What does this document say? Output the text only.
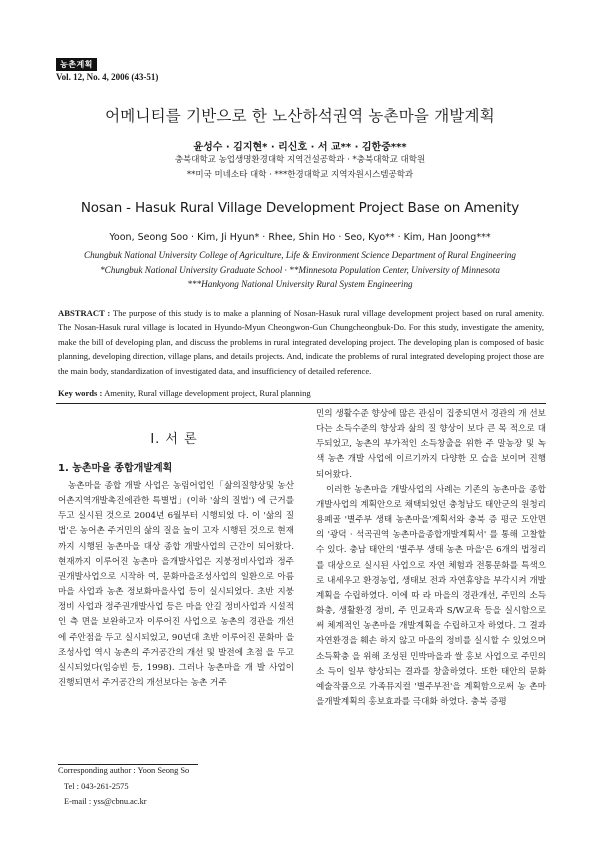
농촌계획
Vol. 12, No. 4, 2006 (43-51)
어메니티를 기반으로 한 노산하석권역 농촌마을 개발계획
윤성수 · 김지현* · 리신호 · 서 교** · 김한중***
충북대학교 농업생명환경대학 지역건설공학과 · *충북대학교 대학원
**미국 미네소타 대학 · ***한경대학교 지역자원시스템공학과
Nosan - Hasuk Rural Village Development Project Base on Amenity
Yoon, Seong Soo · Kim, Ji Hyun* · Rhee, Shin Ho · Seo, Kyo** · Kim, Han Joong***
Chungbuk National University College of Agriculture, Life & Environment Science Department of Rural Engineering
*Chungbuk National University Graduate School · **Minnesota Population Center, University of Minnesota
***Hankyong National University Rural System Engineering
ABSTRACT : The purpose of this study is to make a planning of Nosan-Hasuk rural village development project based on rural amenity. The Nosan-Hasuk rural village is located in Hyundo-Myun Cheongwon-Gun Chungcheongbuk-Do. For this study, investigate the amenity, make the bill of developing plan, and discuss the problems in rural integrated developing project. The developing plan is composed of basic planning, developing direction, village plans, and details projects. And, indicate the problems of rural integrated developing project those are the main body, standardization of investigated data, and insufficiency of detailed reference.
Key words : Amenity, Rural village development project, Rural planning
I. 서 론
1. 농촌마을 종합개발계획

농촌마을 종합 개발 사업은 농림어업인「삶의질향상및 농산어촌지역개발촉진에관한 특별법」(이하 '삶의 질법') 에 근거를 두고 실시된 것으로 2004년 6월부터 시행되었 다. 이 '삶의 질 법'은 농어촌 주거민의 삶의 질을 높이 고자 시행된 것으로 현재까지 시행된 농촌마을 대상 종합 개발사업의 근간이 되어왔다. 현재까지 이루어진 농촌마 을개발사업은 지붕정비사업과 정주권개발사업으로 시작하 여, 문화마을조성사업의 일환으로 아름마을 사업과 농촌 정보화마을사업 등이 실시되었다. 초반 지붕정비 사업과 정주권개발사업 등은 마을 안길 정비사업과 시설적인 측 면을 보완하고자 이루어진 사업으로 농촌의 경관을 개선에 주안점을 두고 실시되었고, 90년대 초반 이루어진 문화마 을조성사업 역시 농촌의 주거공간의 개선 및 발전에 초점 을 두고 실시되었다(임승빈 등, 1998). 그러나 농촌마을 개 발 사업이 진행되면서 주거공간의 개선보다는 농촌 거주

민의 생활수준 향상에 많은 관심이 집중되면서 경관의 개 선보다는 소득수준의 향상과 삶의 질 향상이 보다 큰 목 적으로 대두되었고, 농촌의 부가적인 소득창출을 위한 주 말농장 및 녹색 농촌 개발 사업에 이르기까지 다양한 모 습을 보이며 진행되어왔다.

이러한 농촌마을 개발사업의 사례는 기존의 농촌마을 종합개발사업의 계획안으로 채택되었던 충청남도 태안군의 원청리 용폐골 '별주부 생태 농촌마을'계획서와 충북 증 평군 도안면의 '광덕 · 석곡권역 농촌마을종합개발계획서' 를 통해 고찰할 수 있다. 충남 태안의 '별주부 생태 농촌 마을'은 6개의 법정리를 대상으로 실시된 사업으로 자연 체험과 전통문화를 특색으로 내세우고 환경농업, 생태보 전과 자연휴양을 부각시켜 개발계획을 수립하였다. 이에 따 라 마을의 경관개선, 주민의 소득화충, 생활환경 정비, 주 민교육과 S/W교육 등을 실시함으로써 체계적인 농촌마을 개발계획을 수립하고자 하였다. 그 결과 자연환경을 훼손 하지 않고 마을의 정비를 실시할 수 있었으며 소득확충 을 위해 조성된 민박마을과 쌀 홍보 사업으로 주민의 소 득이 일부 향상되는 결과를 창출하였다. 또한 태안의 문화 예술작품으로 가족뮤지컬 '별주부전'을 계획함으로써 농 촌마을개발계획의 홍보효과를 극대화 하였다. 충북 증평

Corresponding author : Yoon Seong So
Tel : 043-261-2575
E-mail : yss@cbnu.ac.kr
